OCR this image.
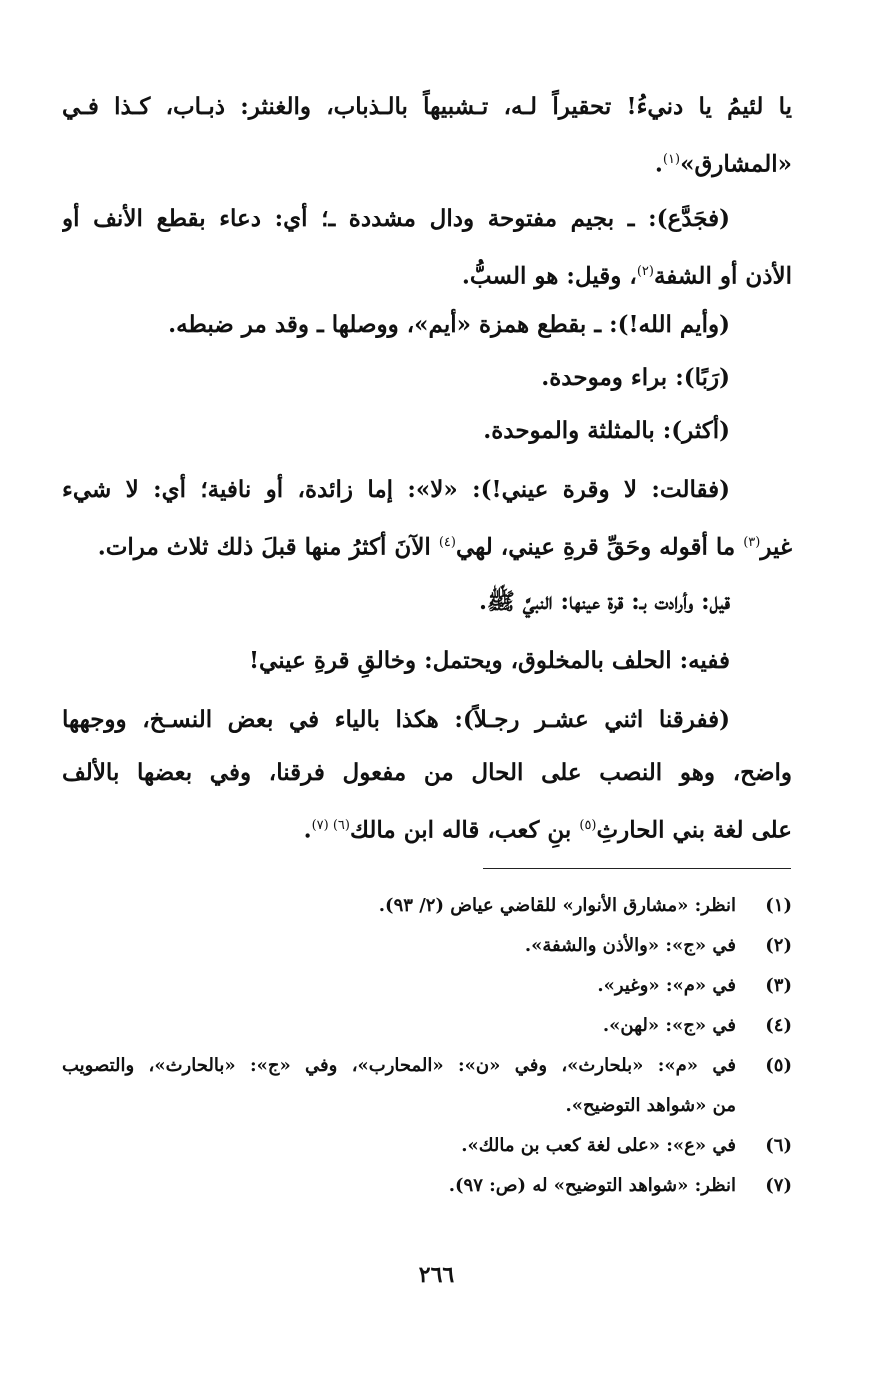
يا لئيمُ يا دنيءُ! تحقيراً لـه، تـشبيهاً بالـذباب، والغنثر: ذبـاب، كـذا فـي
«المشارق»$^{(١)}$.
(فجَدَّع): ـ بجيم مفتوحة ودال مشددة ـ؛ أي: دعاء بقطع الأنف أو
الأذن أو الشفة$^{(٢)}$، وقيل: هو السبُّ.
(وأيم الله!): ـ بقطع همزة «أيم»، ووصلها ـ وقد مر ضبطه.
(رَبًا): براء وموحدة.
(أكثر): بالمثلثة والموحدة.
(فقالت: لا وقرة عيني!): «لا»: إما زائدة، أو نافية؛ أي: لا شيء
غير$^{(٣)}$ ما أقوله وحَقِّ قرةِ عيني، لهي$^{(٤)}$ الآنَ أكثرُ منها قبلَ ذلك ثلاث مرات.
قيل: وأرادت بـ: قرة عينها: النبيَّ ﷺ.
ففيه: الحلف بالمخلوق، ويحتمل: وخالقِ قرةِ عيني!
(ففرقنا اثني عشـر رجـلاً): هكذا بالياء في بعض النسـخ، ووجهها
واضح، وهو النصب على الحال من مفعول فرقنا، وفي بعضها بالألف
على لغة بني الحارثِ$^{(٥)}$ بنِ كعب، قاله ابن مالك$^{(٦) (٧)}$.
(١)
انظر: «مشارق الأنوار» للقاضي عياض (٢/ ٩٣).
(٢)
في «ج»: «والأذن والشفة».
(٣)
في «م»: «وغير».
(٤)
في «ج»: «لهن».
(٥)
في «م»: «بلحارث»، وفي «ن»: «المحارب»، وفي «ج»: «بالحارث»، والتصويب
من «شواهد التوضيح».
(٦)
في «ع»: «على لغة كعب بن مالك».
(٧)
انظر: «شواهد التوضيح» له (ص: ٩٧).
٢٦٦
